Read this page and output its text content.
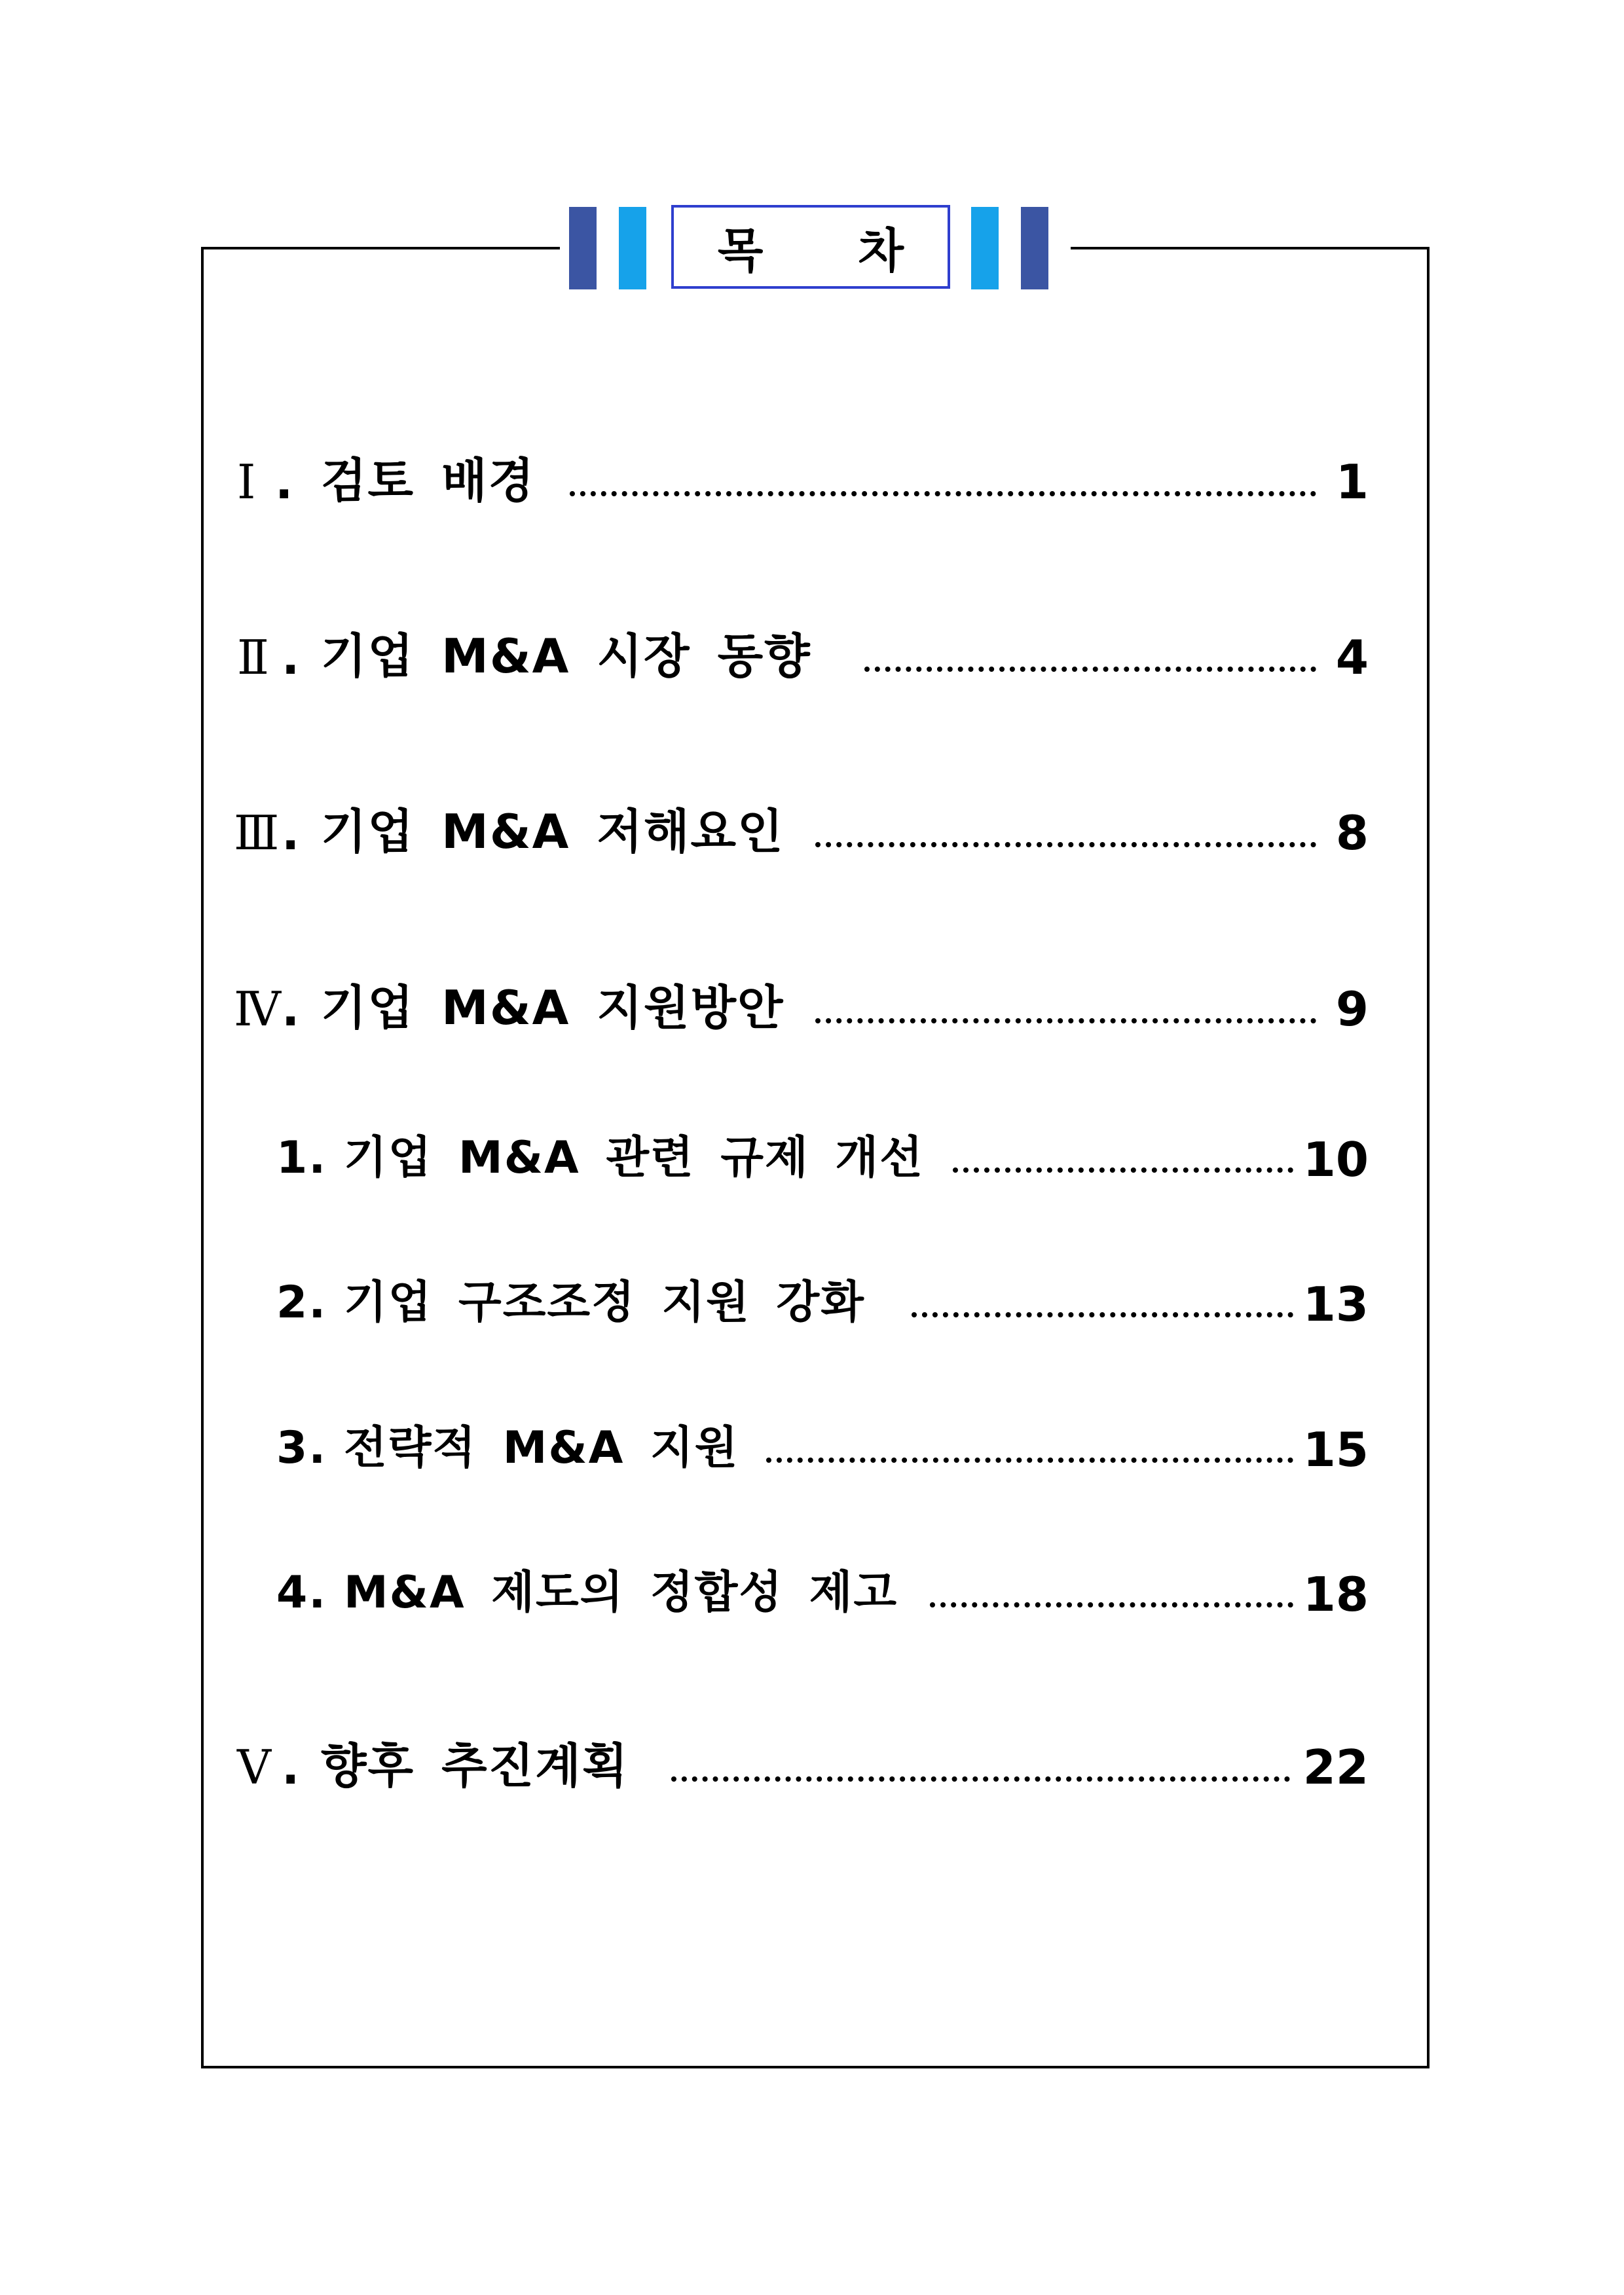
목 차
Ⅰ . 검토 배경	1
Ⅱ . 기업 M&A 시장 동향	4
Ⅲ . 기업 M&A 저해요인	8
Ⅳ . 기업 M&A 지원방안	9
1. 기업 M&A 관련 규제 개선	10
2. 기업 구조조정 지원 강화	13
3. 전략적 M&A 지원	15
4. M&A 제도의 정합성 제고	18
Ⅴ . 향후 추진계획	22
